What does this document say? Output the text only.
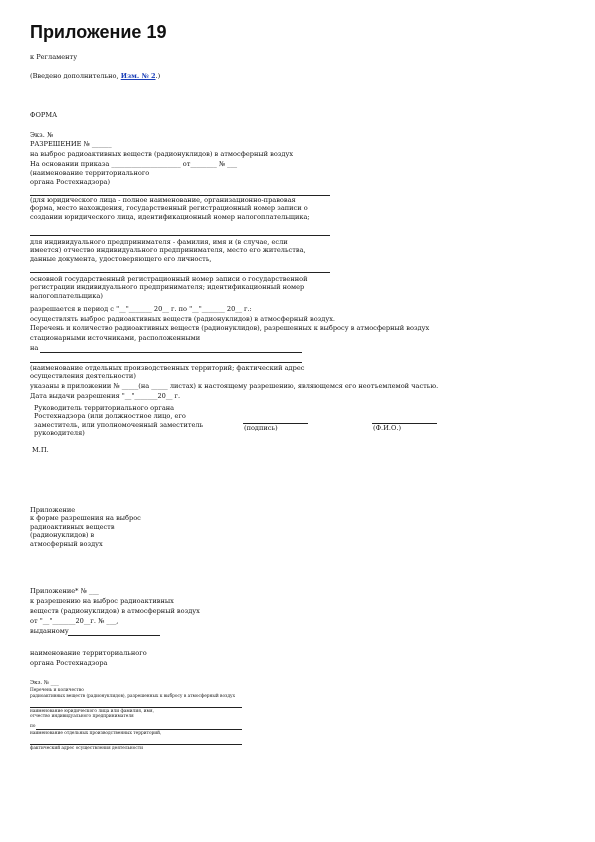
Приложение 19
к Регламенту
(Введено дополнительно, Изм. № 2.)
ФОРМА
Экз. №
РАЗРЕШЕНИЕ № ______
на выброс радиоактивных веществ (радионуклидов) в атмосферный воздух
На основании приказа _____________________ от________ № ___
(наименование территориального
органа Ростехнадзора)
(для юридического лица - полное наименование, организационно-правовая
форма, место нахождения, государственный регистрационный номер записи о
создании юридического лица, идентификационный номер налогоплательщика;
для индивидуального предпринимателя - фамилия, имя и (в случае, если
имеется) отчество индивидуального предпринимателя, место его жительства,
данные документа, удостоверяющего его личность,
основной государственный регистрационный номер записи о государственной
регистрации индивидуального предпринимателя; идентификационный номер
налогоплательщика)
разрешается в период с "__"_______ 20__ г. по "__"_______ 20__ г.:
осуществлять выброс радиоактивных веществ (радионуклидов) в атмосферный воздух.
Перечень и количество радиоактивных веществ (радионуклидов), разрешенных к выбросу в атмосферный воздух
стационарными источниками, расположенными
на
(наименование отдельных производственных территорий; фактический адрес
осуществления деятельности)
указаны в приложении № _____(на _____ листах) к настоящему разрешению, являющемся его неотъемлемой частью.
Дата выдачи разрешения "__"_______20__ г.
Руководитель территориального органа
Ростехнадзора (или должностное лицо, его
заместитель, или уполномоченный заместитель
руководителя)
(подпись)	(Ф.И.О.)
М.П.
Приложение
к форме разрешения на выброс
радиоактивных веществ
(радионуклидов) в
атмосферный воздух
Приложение* № ___
к разрешению на выброс радиоактивных
веществ (радионуклидов) в атмосферный воздух
от "__"_______20__г. № ___,
выданному
наименование территориального
органа Ростехнадзора
Экз. № ___
Перечень и количество
радиоактивных веществ (радионуклидов), разрешенных к выбросу в атмосферный воздух
наименование юридического лица или фамилия, имя,
отчество индивидуального предпринимателя
по
наименование отдельных производственных территорий,
фактический адрес осуществления деятельности
